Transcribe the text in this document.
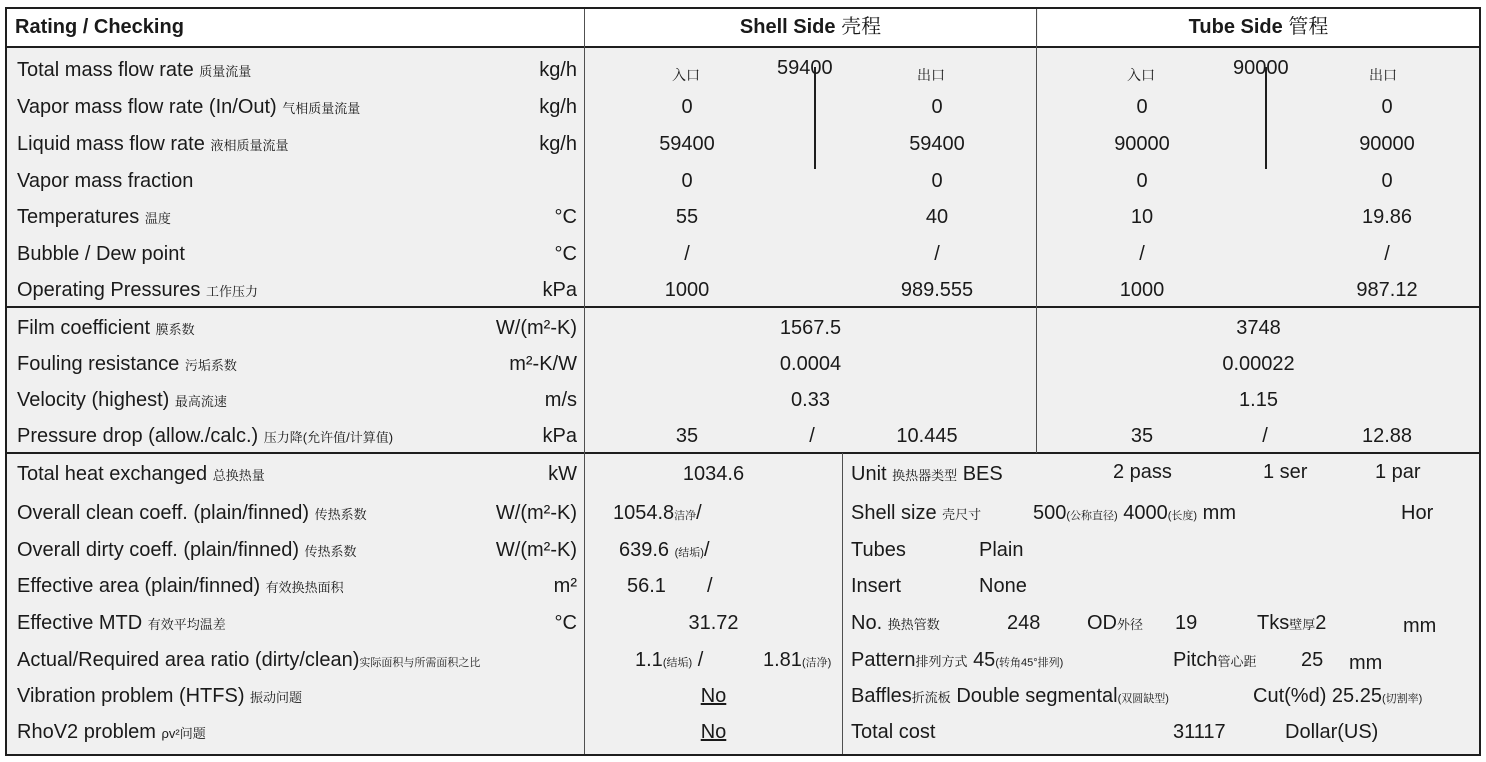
Rating / Checking	Shell Side 壳程	Tube Side 管程
Total mass flow rate 质量流量	kg/h	入口	59400	出口	入口	90000	出口
Vapor mass flow rate (In/Out) 气相质量流量	kg/h	0	0	0	0
Liquid mass flow rate 液相质量流量	kg/h	59400	59400	90000	90000
Vapor mass fraction	0	0	0	0
Temperatures 温度	°C	55	40	10	19.86
Bubble / Dew point	°C	/	/	/	/
Operating Pressures 工作压力	kPa	1000	989.555	1000	987.12
Film coefficient 膜系数	W/(m²-K)	1567.5	3748
Fouling resistance 污垢系数	m²-K/W	0.0004	0.00022
Velocity (highest) 最高流速	m/s	0.33	1.15
Pressure drop (allow./calc.) 压力降(允许值/计算值)	kPa	35	/	10.445	35	/	12.88
Total heat exchanged 总换热量	kW	1034.6
Overall clean coeff. (plain/finned) 传热系数	W/(m²-K) 1054.8洁净/
Overall dirty coeff. (plain/finned) 传热系数	W/(m²-K) 639.6 (结垢)/
Effective area (plain/finned) 有效换热面积	m²	56.1 /
Effective MTD 有效平均温差	°C	31.72
Actual/Required area ratio (dirty/clean)实际面积与所需面积之比	1.1(结垢) /	1.81(洁净)
Vibration problem (HTFS) 振动问题	No
RhoV2 problem ρv²问题	No
Unit 换热器类型 BES	2 pass	1 ser	1 par
Shell size 壳尺寸	500(公称直径) 4000(长度) mm	Hor
Tubes	Plain
Insert	None
No. 换热管数	248 OD外径 19	Tks壁厚2	mm
Pattern排列方式 45(转角45°排列)	Pitch管心距 25 mm
Baffles折流板 Double segmental(双圆缺型)	Cut(%d) 25.25(切割率)
Total cost	31117	Dollar(US)
